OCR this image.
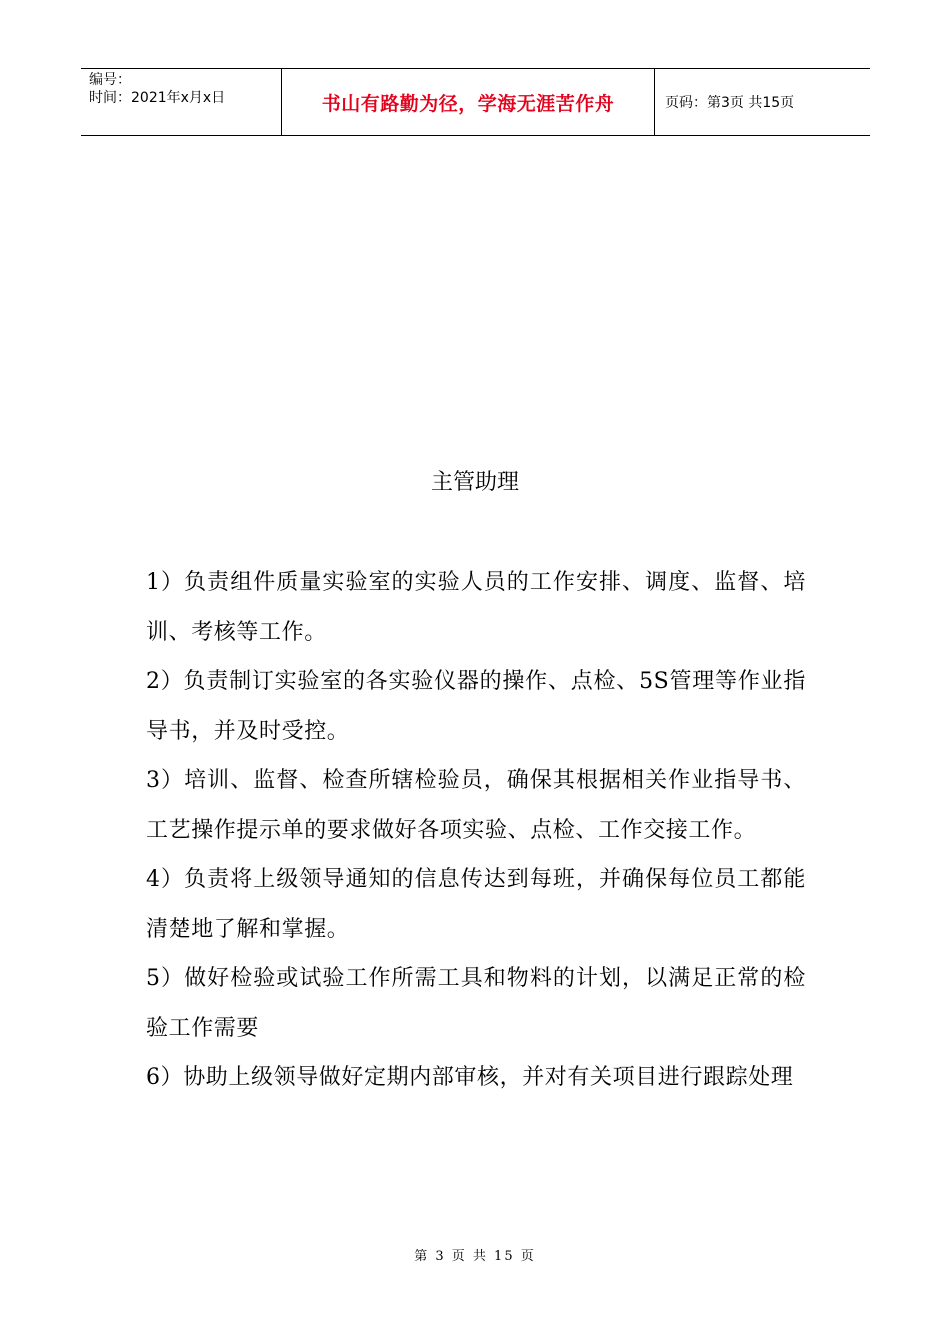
编号：
时间：2021年x月x日	书山有路勤为径，学海无涯苦作舟	页码：第3页 共15页
主管助理

1）负责组件质量实验室的实验人员的工作安排、调度、监督、培训、考核等工作。

2）负责制订实验室的各实验仪器的操作、点检、5S管理等作业指导书，并及时受控。

3）培训、监督、检查所辖检验员，确保其根据相关作业指导书、工艺操作提示单的要求做好各项实验、点检、工作交接工作。

4）负责将上级领导通知的信息传达到每班，并确保每位员工都能清楚地了解和掌握。

5）做好检验或试验工作所需工具和物料的计划，以满足正常的检验工作需要

6）协助上级领导做好定期内部审核，并对有关项目进行跟踪处理

第 3 页 共 15 页
